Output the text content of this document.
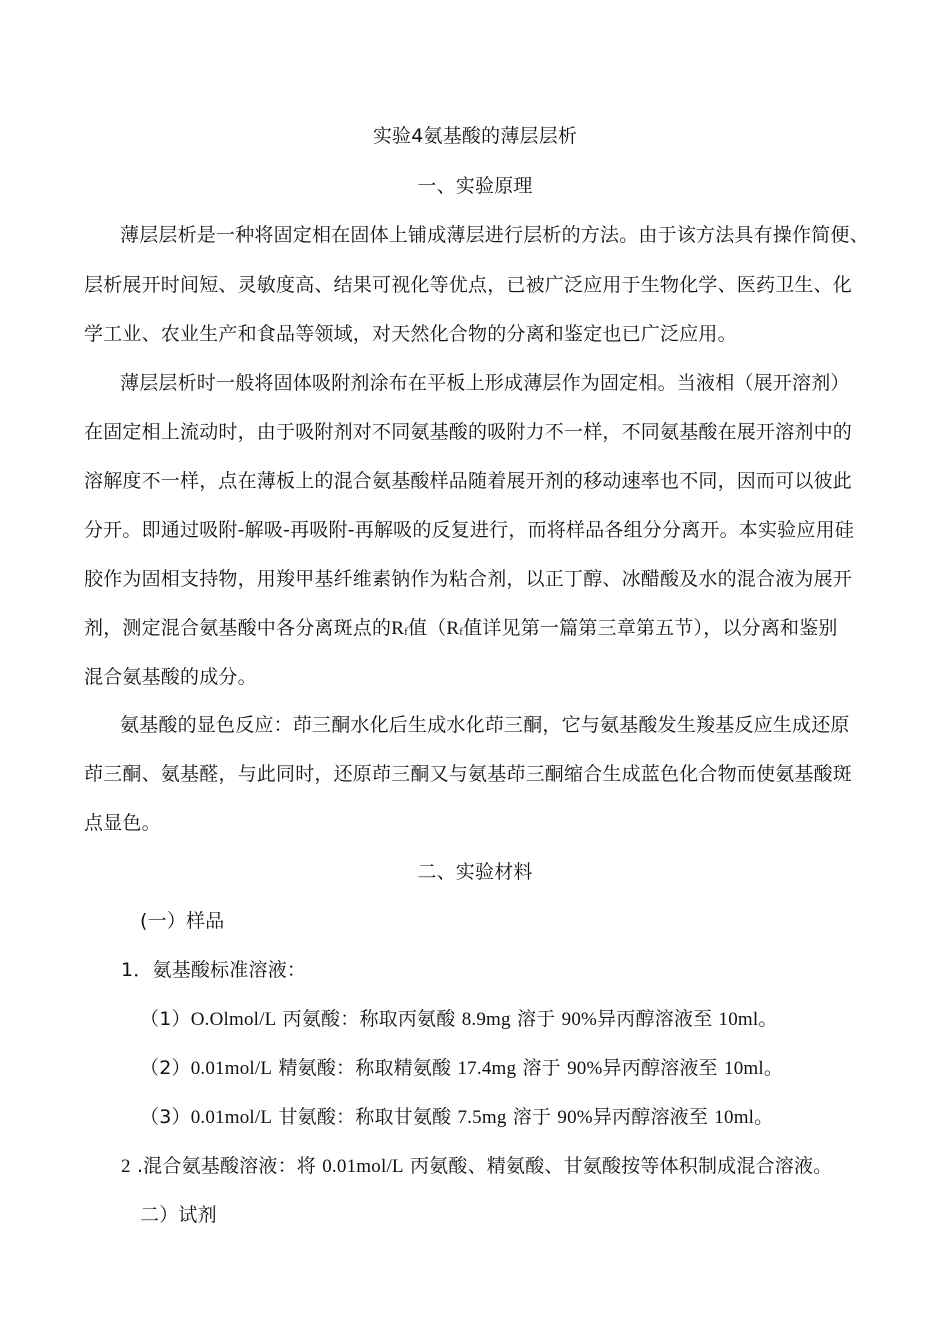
实验4氨基酸的薄层层析
一、实验原理
薄层层析是一种将固定相在固体上铺成薄层进行层析的方法。由于该方法具有操作简便、
层析展开时间短、灵敏度高、结果可视化等优点，已被广泛应用于生物化学、医药卫生、化
学工业、农业生产和食品等领域，对天然化合物的分离和鉴定也已广泛应用。
薄层层析时一般将固体吸附剂涂布在平板上形成薄层作为固定相。当液相（展开溶剂）
在固定相上流动时，由于吸附剂对不同氨基酸的吸附力不一样，不同氨基酸在展开溶剂中的
溶解度不一样，点在薄板上的混合氨基酸样品随着展开剂的移动速率也不同，因而可以彼此
分开。即通过吸附-解吸-再吸附-再解吸的反复进行，而将样品各组分分离开。本实验应用硅
胶作为固相支持物，用羧甲基纤维素钠作为粘合剂，以正丁醇、冰醋酸及水的混合液为展开
剂，测定混合氨基酸中各分离斑点的Rf值（Rf值详见第一篇第三章第五节），以分离和鉴别
混合氨基酸的成分。
氨基酸的显色反应：茚三酮水化后生成水化茚三酮，它与氨基酸发生羧基反应生成还原
茚三酮、氨基醛，与此同时，还原茚三酮又与氨基茚三酮缩合生成蓝色化合物而使氨基酸斑
点显色。
二、实验材料
(一）样品
1．氨基酸标准溶液：
（1）O.Olmol/L 丙氨酸：称取丙氨酸 8.9mg 溶于 90%异丙醇溶液至 10ml。
（2）0.01mol/L 精氨酸：称取精氨酸 17.4mg 溶于 90%异丙醇溶液至 10ml。
（3）0.01mol/L 甘氨酸：称取甘氨酸 7.5mg 溶于 90%异丙醇溶液至 10ml。
2 .混合氨基酸溶液：将 0.01mol/L 丙氨酸、精氨酸、甘氨酸按等体积制成混合溶液。
二）试剂
